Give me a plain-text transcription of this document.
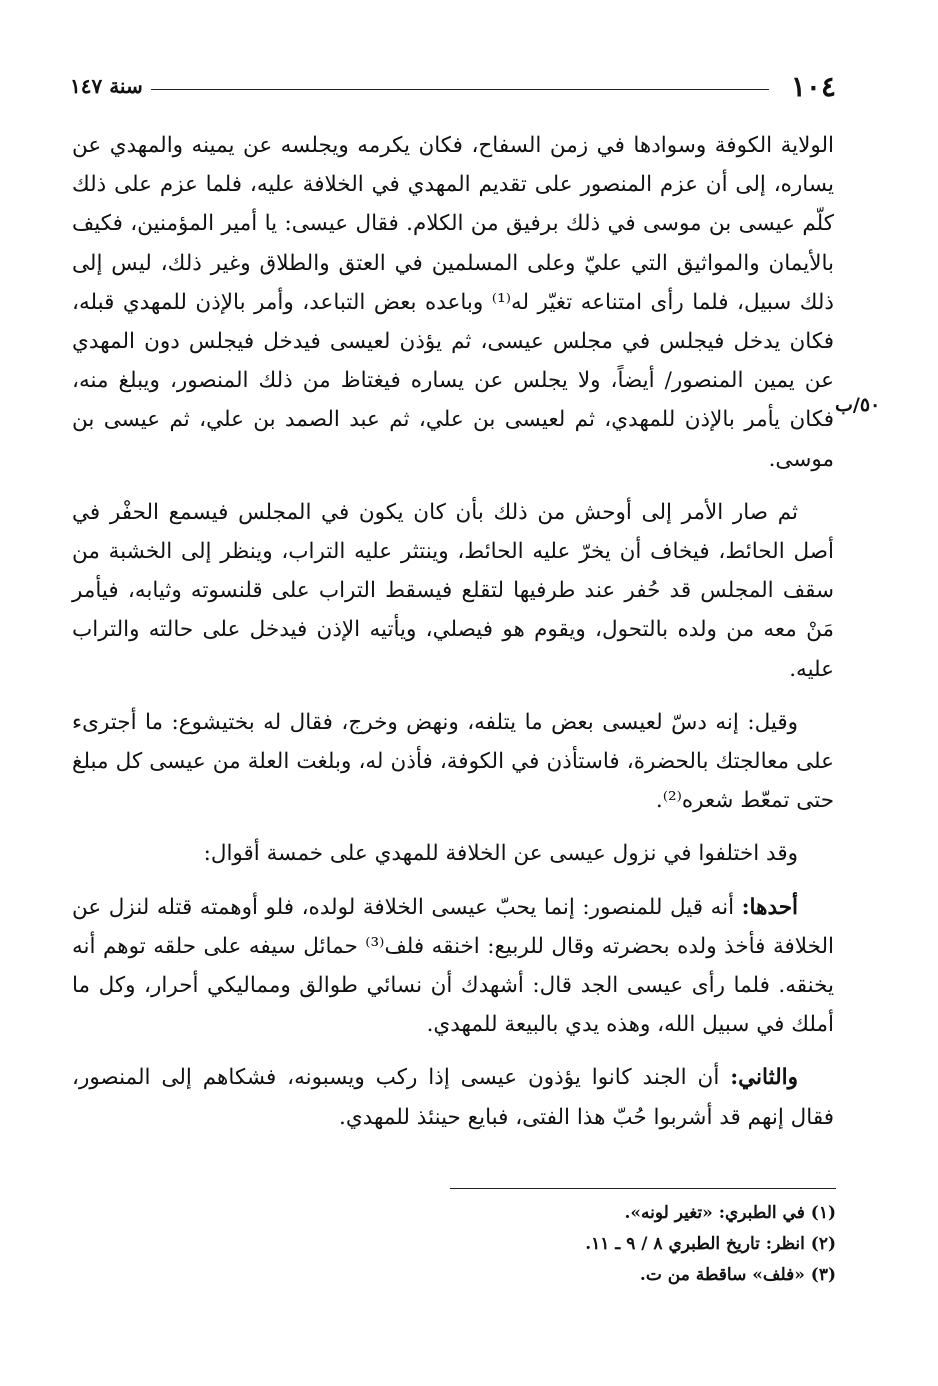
١٠٤
سنة ١٤٧
٥٠/ب

الولاية الكوفة وسوادها في زمن السفاح، فكان يكرمه ويجلسه عن يمينه والمهدي عن يساره، إلى أن عزم المنصور على تقديم المهدي في الخلافة عليه، فلما عزم على ذلك كلّم عيسى بن موسى في ذلك برفيق من الكلام. فقال عيسى: يا أمير المؤمنين، فكيف بالأيمان والمواثيق التي عليّ وعلى المسلمين في العتق والطلاق وغير ذلك، ليس إلى ذلك سبيل، فلما رأى امتناعه تغيّر له⁽¹⁾ وباعده بعض التباعد، وأمر بالإذن للمهدي قبله، فكان يدخل فيجلس في مجلس عيسى، ثم يؤذن لعيسى فيدخل فيجلس دون المهدي عن يمين المنصور/ أيضاً، ولا يجلس عن يساره فيغتاظ من ذلك المنصور، ويبلغ منه، فكان يأمر بالإذن للمهدي، ثم لعيسى بن علي، ثم عبد الصمد بن علي، ثم عيسى بن موسى.

ثم صار الأمر إلى أوحش من ذلك بأن كان يكون في المجلس فيسمع الحفْر في أصل الحائط، فيخاف أن يخرّ عليه الحائط، وينتثر عليه التراب، وينظر إلى الخشبة من سقف المجلس قد حُفر عند طرفيها لتقلع فيسقط التراب على قلنسوته وثيابه، فيأمر مَنْ معه من ولده بالتحول، ويقوم هو فيصلي، ويأتيه الإذن فيدخل على حالته والتراب عليه.

وقيل: إنه دسّ لعيسى بعض ما يتلفه، ونهض وخرج، فقال له بختيشوع: ما أجترىء على معالجتك بالحضرة، فاستأذن في الكوفة، فأذن له، وبلغت العلة من عيسى كل مبلغ حتى تمعّط شعره⁽²⁾.

وقد اختلفوا في نزول عيسى عن الخلافة للمهدي على خمسة أقوال:

أحدها: أنه قيل للمنصور: إنما يحبّ عيسى الخلافة لولده، فلو أوهمته قتله لنزل عن الخلافة فأخذ ولده بحضرته وقال للربيع: اخنقه فلف⁽³⁾ حمائل سيفه على حلقه توهم أنه يخنقه. فلما رأى عيسى الجد قال: أشهدك أن نسائي طوالق ومماليكي أحرار، وكل ما أملك في سبيل الله، وهذه يدي بالبيعة للمهدي.

والثاني: أن الجند كانوا يؤذون عيسى إذا ركب ويسبونه، فشكاهم إلى المنصور، فقال إنهم قد أشربوا حُبّ هذا الفتى، فبايع حينئذ للمهدي.

(١) في الطبري: «تغير لونه».

(٢) انظر: تاريخ الطبري ٨ / ٩ ـ ١١.

(٣) «فلف» ساقطة من ت.
